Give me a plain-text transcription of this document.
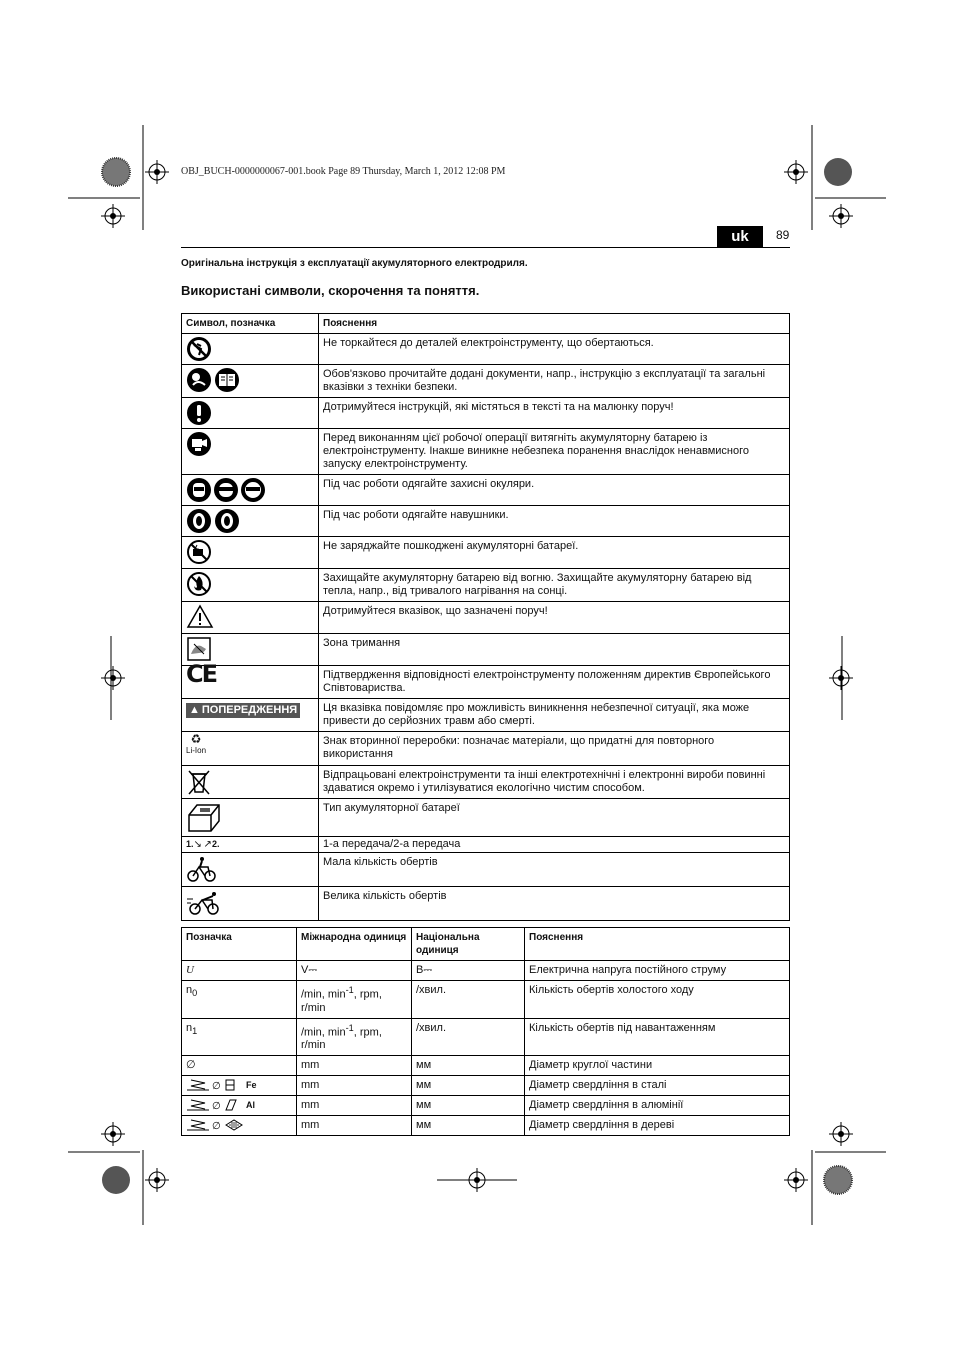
OBJ_BUCH-0000000067-001.book Page 89 Thursday, March 1, 2012 12:08 PM
uk	89
Оригінальна інструкція з експлуатації акумуляторного електродриля.
Використані символи, скорочення та поняття.
Символ, позначка	Пояснення
	Не торкайтеся до деталей електроінструменту, що обертаються.
	Обов'язково прочитайте додані документи, напр., інструкцію з експлуатації та загальні вказівки з техніки безпеки.
	Дотримуйтеся інструкцій, які містяться в тексті та на малюнку поруч!
	Перед виконанням цієї робочої операції витягніть акумуляторну батарею із електроінструменту. Інакше виникне небезпека поранення внаслідок ненавмисного запуску електроінструменту.
	Під час роботи одягайте захисні окуляри.
	Під час роботи одягайте навушники.
	Не заряджайте пошкоджені акумуляторні батареї.
	Захищайте акумуляторну батарею від вогню. Захищайте акумуляторну батарею від тепла, напр., від тривалого нагрівання на сонці.
	Дотримуйтеся вказівок, що зазначені поруч!
	Зона тримання
CE	Підтвердження відповідності електроінструменту положенням директив Європейського Співтовариства.

▲ ПОПЕРЕДЖЕННЯ	Ця вказівка повідомляє про можливість виникнення небезпечної ситуації, яка може привести до серйозних травм або смерті.
♻
Li-Ion	Знак вторинної переробки: позначає матеріали, що придатні для повторного використання
	Відпрацьовані електроінструменти та інші електротехнічні і електронні вироби повинні здаватися окремо і утилізуватися екологічно чистим способом.
	Тип акумуляторної батареї
1.↘ ↗2.	1-а передача/2-а передача
	Мала кількість обертів
	Велика кількість обертів
Позначка	Міжнародна одиниця	Національна одиниця	Пояснення
U	V⎓	В⎓	Електрична напруга постійного струму
$n_0$	/min, $\min^{-1}$, rpm, r/min	/хвил.	Кількість обертів холостого ходу
$n_1$	/min, $\min^{-1}$, rpm, r/min	/хвил.	Кількість обертів під навантаженням
∅	mm	мм	Діаметр круглої частини

∅ Fe	mm	мм	Діаметр свердління в сталі

∅ Al	mm	мм	Діаметр свердління в алюмінії

∅	mm	мм	Діаметр свердління в дереві
